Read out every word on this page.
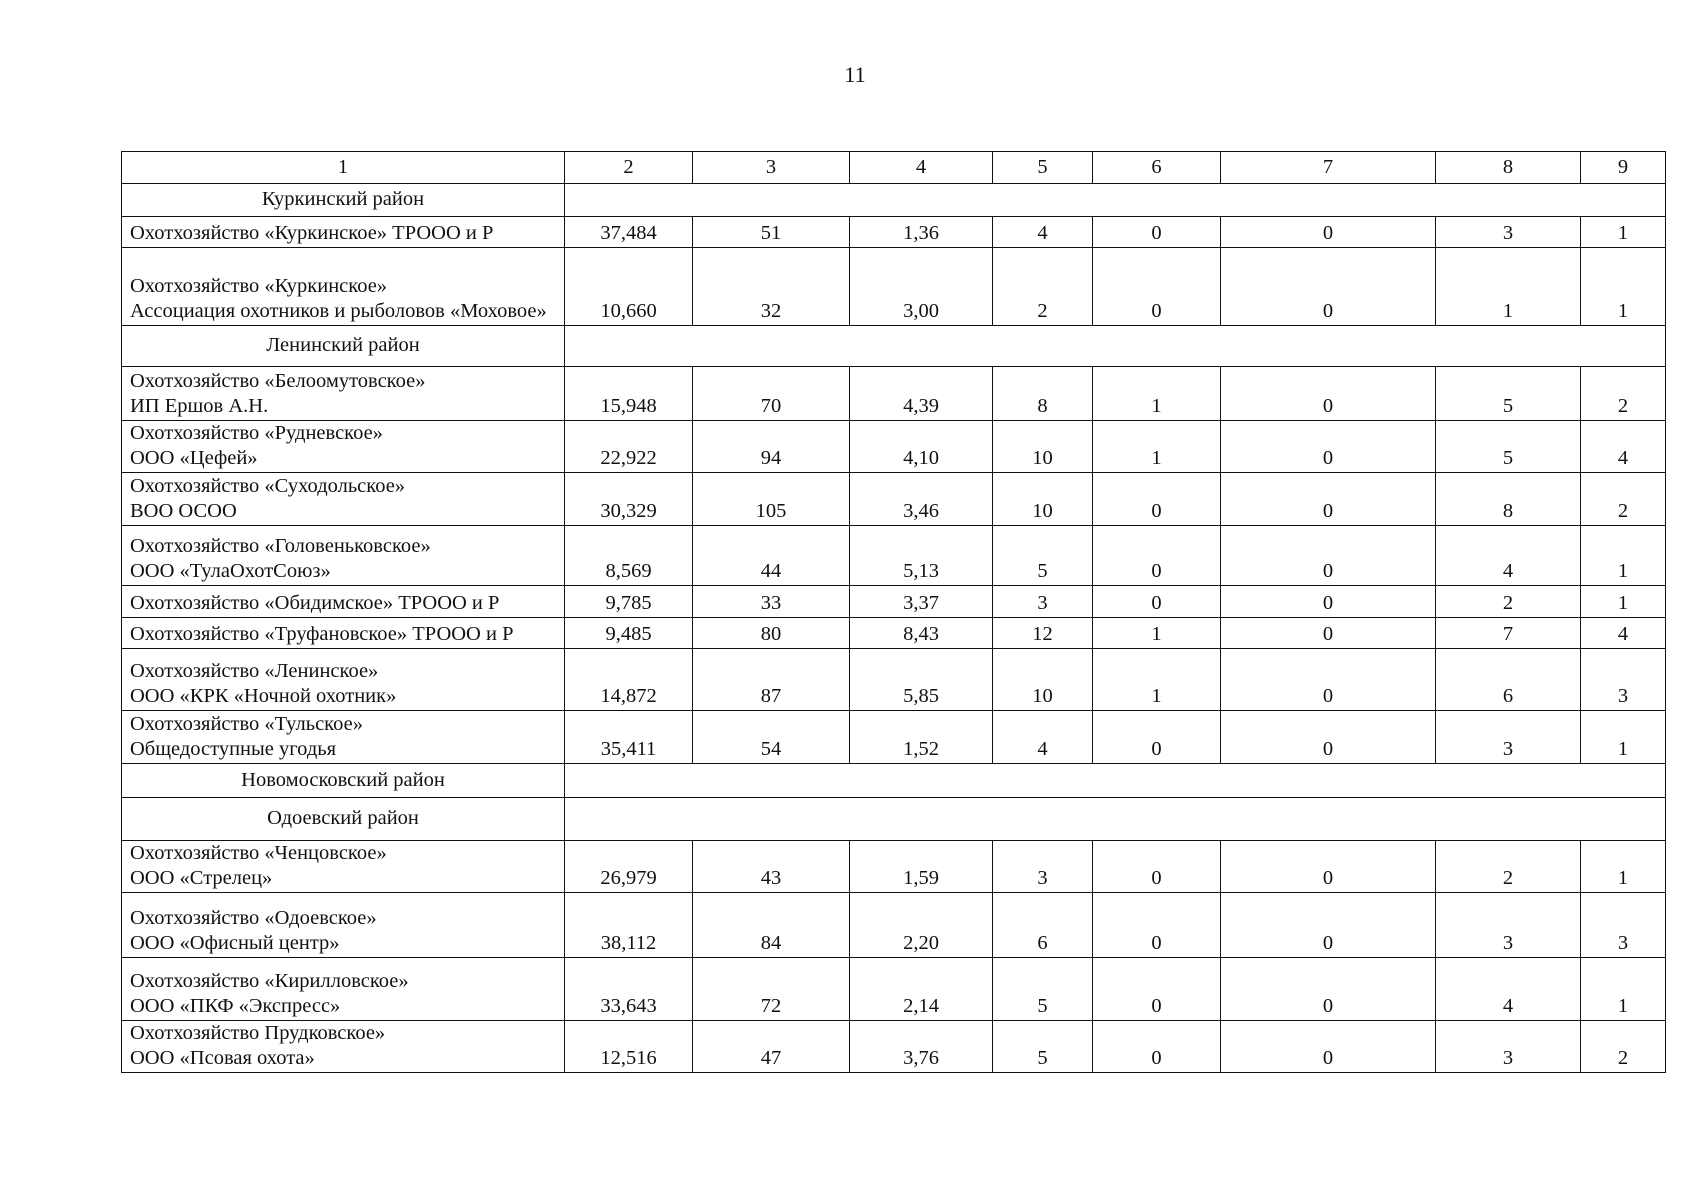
11
1	2	3	4	5	6	7	8	9
Куркинский район								

Охотхозяйство «Куркинское» ТРООО и Р	37,484	51	1,36	4	0	0	3	1

Охотхозяйство «Куркинское»
Ассоциация охотников и рыболовов «Моховое»	10,660	32	3,00	2	0	0	1	1
Ленинский район								

Охотхозяйство «Белоомутовское»
ИП Ершов А.Н.	15,948	70	4,39	8	1	0	5	2

Охотхозяйство «Рудневское»
ООО «Цефей»	22,922	94	4,10	10	1	0	5	4

Охотхозяйство «Суходольское»
ВОО ОСОО	30,329	105	3,46	10	0	0	8	2

Охотхозяйство «Головеньковское»
ООО «ТулаОхотСоюз»	8,569	44	5,13	5	0	0	4	1

Охотхозяйство «Обидимское» ТРООО и Р	9,785	33	3,37	3	0	0	2	1

Охотхозяйство «Труфановское» ТРООО и Р	9,485	80	8,43	12	1	0	7	4

Охотхозяйство «Ленинское»
ООО «КРК «Ночной охотник»	14,872	87	5,85	10	1	0	6	3

Охотхозяйство «Тульское»
Общедоступные угодья	35,411	54	1,52	4	0	0	3	1
Новомосковский район								
Одоевский район								

Охотхозяйство «Ченцовское»
ООО «Стрелец»	26,979	43	1,59	3	0	0	2	1

Охотхозяйство «Одоевское»
ООО «Офисный центр»	38,112	84	2,20	6	0	0	3	3

Охотхозяйство «Кирилловское»
ООО «ПКФ «Экспресс»	33,643	72	2,14	5	0	0	4	1

Охотхозяйство Прудковское»
ООО «Псовая охота»	12,516	47	3,76	5	0	0	3	2
